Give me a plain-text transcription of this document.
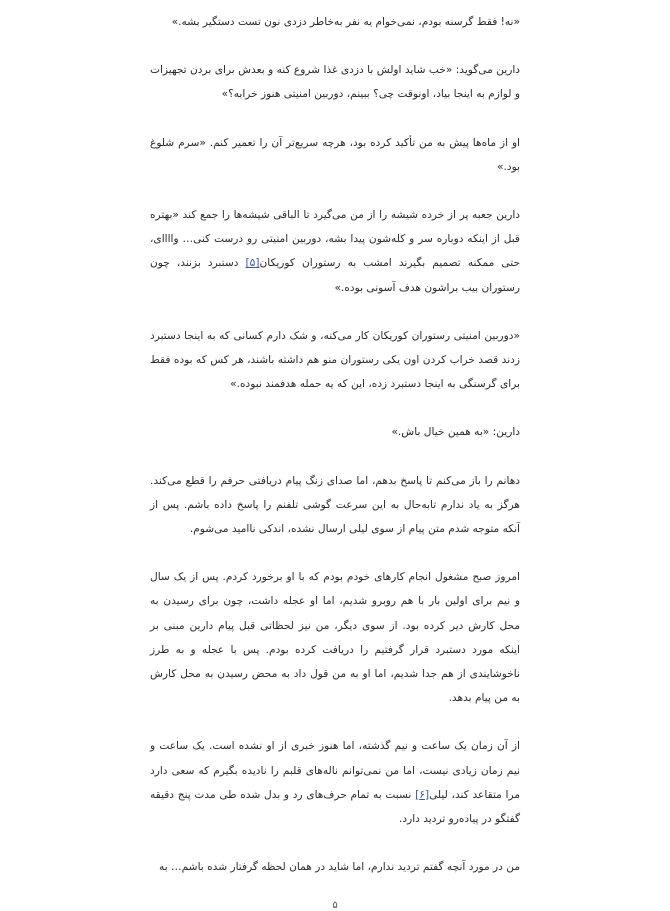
«نه! فقط گرسنه بودم، نمی‌خوام یه نفر به‌خاطر دزدی نون تست دستگیر بشه.»

دارین می‌گوید: «خب شاید اولش با دزدی غذا شروع کنه و بعدش برای بردن تجهیزات و لوازم به اینجا بیاد، اونوقت چی؟ ببینم، دوربین امنیتی هنوز خرابه؟»

او از ماه‌ها پیش به من تأکید کرده بود، هرچه سریع‌تر آن را تعمیر کنم. «سرم شلوغ بود.»

دارین جعبه پر از خرده شیشه را از من می‌گیرد تا الباقی شیشه‌ها را جمع کند «بهتره قبل از اینکه دوباره سر و کله‌شون پیدا بشه، دوربین امنیتی رو درست کنی… واااای، حتی ممکنه تصمیم بگیرند امشب به رستوران کوریکان[۵] دستبرد بزنند، چون رستوران بیب براشون هدف آسونی بوده.»

«دوربین امنیتی رستوران کوریکان کار می‌کنه، و شک دارم کسانی که به اینجا دستبرد زدند قصد خراب کردن اون یکی رستوران منو هم داشته باشند، هر کس که بوده فقط برای گرسنگی به اینجا دستبرد زده، این که یه حمله هدفمند نبوده.»

دارین: «به همین خیال باش.»

دهانم را باز می‌کنم تا پاسخ بدهم، اما صدای زنگ پیام دریافتی حرفم را قطع می‌کند. هرگز به یاد ندارم تابه‌حال به این سرعت گوشی تلفنم را پاسخ داده باشم. پس از آنکه متوجه شدم متن پیام از سوی لیلی ارسال نشده، اندکی ناامید می‌شوم.

امروز صبح مشغول انجام کارهای خودم بودم که با او برخورد کردم. پس از یک سال و نیم برای اولین بار با هم روبرو شدیم، اما او عجله داشت، چون برای رسیدن به محل کارش دیر کرده بود. از سوی دیگر، من نیز لحظاتی قبل پیام دارین مبنی بر اینکه مورد دستبرد قرار گرفتیم را دریافت کرده بودم. پس با عجله و به طرز ناخوشایندی از هم جدا شدیم، اما او به من قول داد به محض رسیدن به محل کارش به من پیام بدهد.

از آن زمان یک ساعت و نیم گذشته، اما هنوز خبری از او نشده است. یک ساعت و نیم زمان زیادی نیست، اما من نمی‌توانم ناله‌های قلبم را نادیده بگیرم که سعی دارد مرا متقاعد کند، لیلی[۶] نسبت به تمام حرف‌های رد و بدل شده طی مدت پنج دقیقه گفتگو در پیاده‌رو تردید دارد.

من در مورد آنچه گفتم تردید ندارم، اما شاید در همان لحظه گرفتار شده باشم… به

۵
